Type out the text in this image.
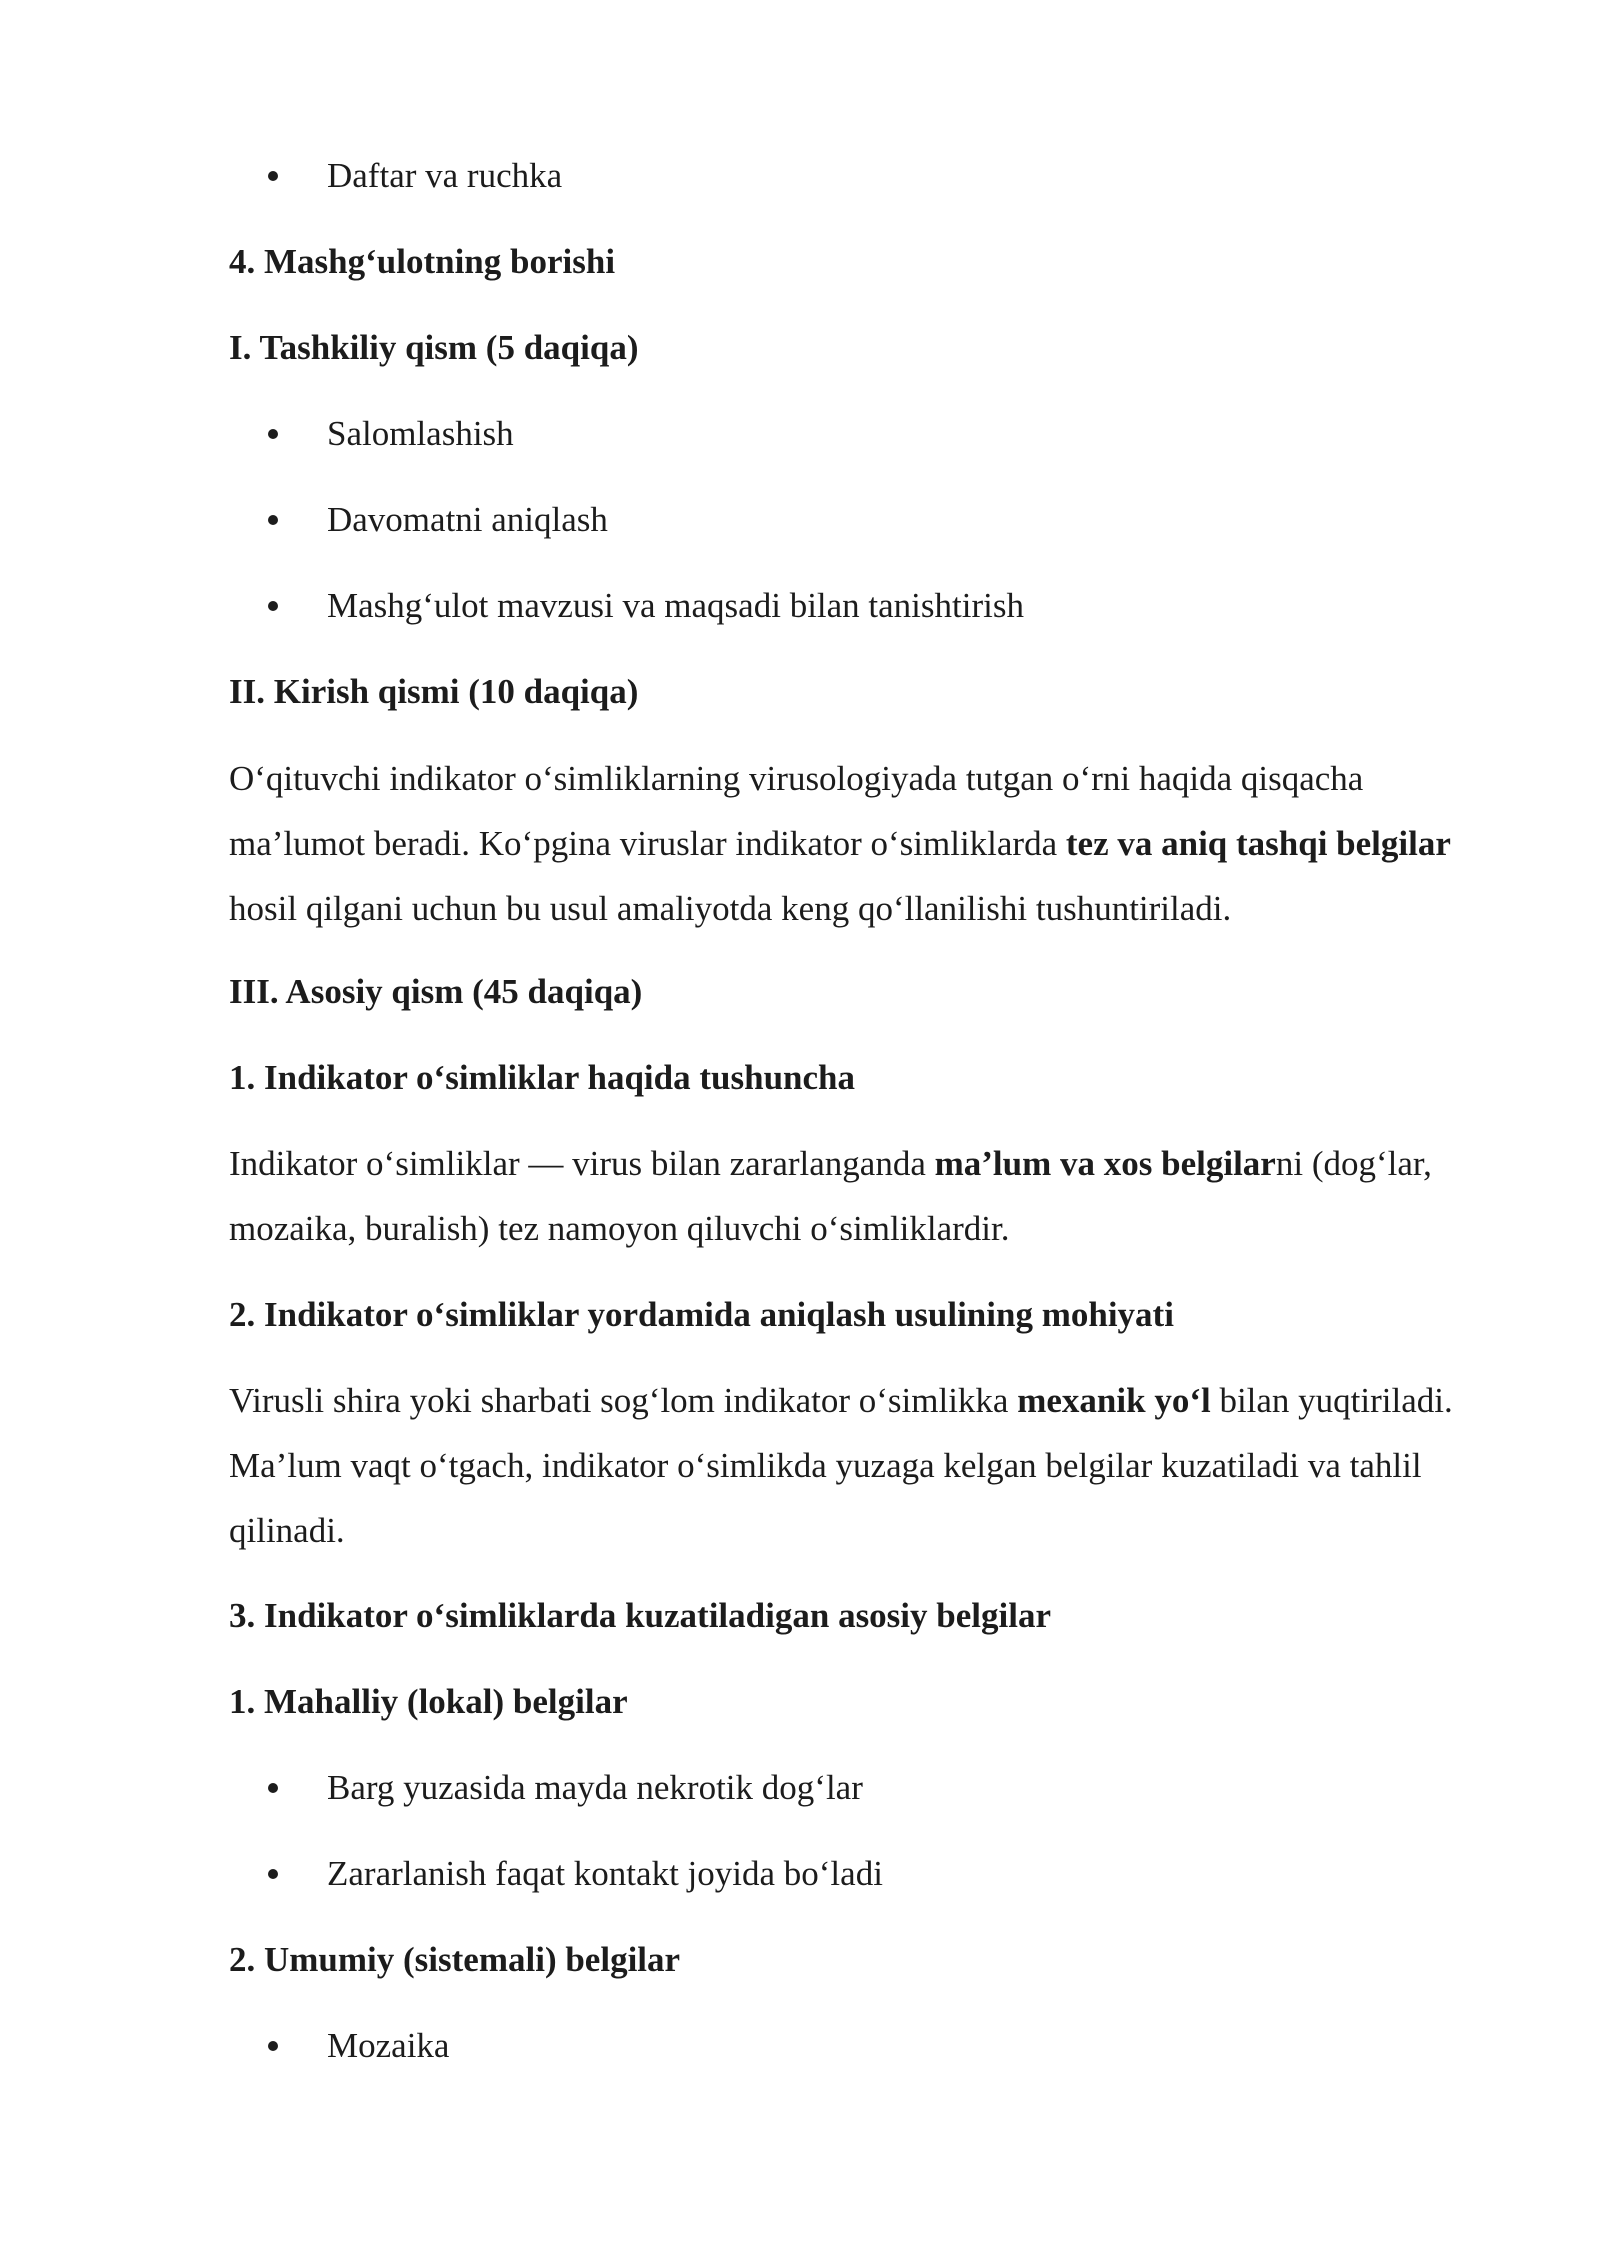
Daftar va ruchka

4. Mashg‘ulotning borishi

I. Tashkiliy qism (5 daqiqa)

Salomlashish
Davomatni aniqlash
Mashg‘ulot mavzusi va maqsadi bilan tanishtirish

II. Kirish qismi (10 daqiqa)

O‘qituvchi indikator o‘simliklarning virusologiyada tutgan o‘rni haqida qisqacha ma’lumot beradi. Ko‘pgina viruslar indikator o‘simliklarda tez va aniq tashqi belgilar hosil qilgani uchun bu usul amaliyotda keng qo‘llanilishi tushuntiriladi.

III. Asosiy qism (45 daqiqa)

1. Indikator o‘simliklar haqida tushuncha

Indikator o‘simliklar — virus bilan zararlanganda ma’lum va xos belgilarni (dog‘lar, mozaika, buralish) tez namoyon qiluvchi o‘simliklardir.

2. Indikator o‘simliklar yordamida aniqlash usulining mohiyati

Virusli shira yoki sharbati sog‘lom indikator o‘simlikka mexanik yo‘l bilan yuqtiriladi. Ma’lum vaqt o‘tgach, indikator o‘simlikda yuzaga kelgan belgilar kuzatiladi va tahlil qilinadi.

3. Indikator o‘simliklarda kuzatiladigan asosiy belgilar

1. Mahalliy (lokal) belgilar

Barg yuzasida mayda nekrotik dog‘lar
Zararlanish faqat kontakt joyida bo‘ladi

2. Umumiy (sistemali) belgilar

Mozaika
